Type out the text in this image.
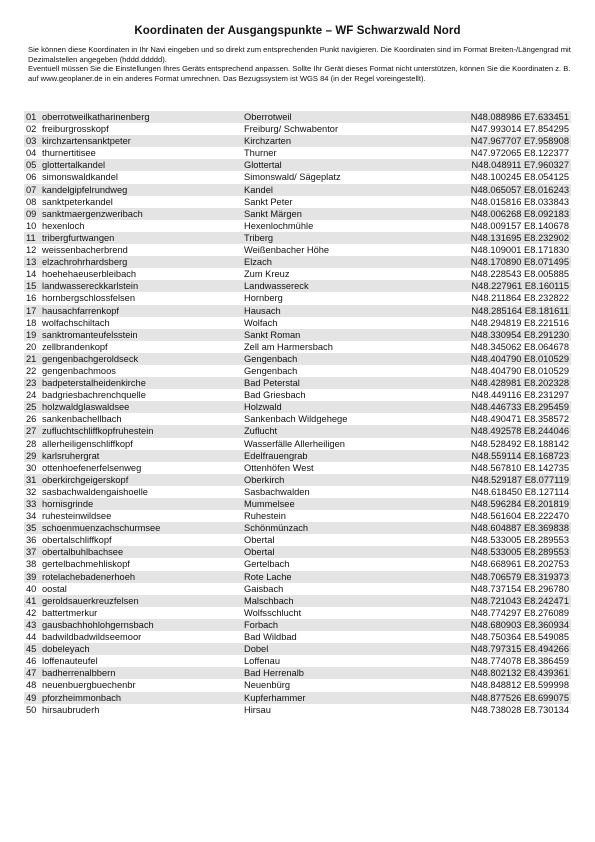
Koordinaten der Ausgangspunkte – WF Schwarzwald Nord

Sie können diese Koordinaten in Ihr Navi eingeben und so direkt zum entsprechenden Punkt navigieren. Die Koordinaten sind im Format Breiten-/Längengrad mit Dezimalstellen angegeben (hddd.ddddd).

Eventuell müssen Sie die Einstellungen Ihres Geräts entsprechend anpassen. Sollte Ihr Gerät dieses Format nicht unterstützen, können Sie die Koordinaten z. B. auf www.geoplaner.de in ein anderes Format umrechnen. Das Bezugssystem ist WGS 84 (in der Regel voreingestellt).

01	oberrotweilkatharinenberg	Oberrotweil	N48.088986 E7.633451
02	freiburgrosskopf	Freiburg/ Schwabentor	N47.993014 E7.854295
03	kirchzartensanktpeter	Kirchzarten	N47.967707 E7.958908
04	thurnertitisee	Thurner	N47.972065 E8.122377
05	glottertalkandel	Glottertal	N48.048911 E7.960327
06	simonswaldkandel	Simonswald/ Sägeplatz	N48.100245 E8.054125
07	kandelgipfelrundweg	Kandel	N48.065057 E8.016243
08	sanktpeterkandel	Sankt Peter	N48.015816 E8.033843
09	sanktmaergenzweribach	Sankt Märgen	N48.006268 E8.092183
10	hexenloch	Hexenlochmühle	N48.009157 E8.140678
11	tribergfurtwangen	Triberg	N48.131695 E8.232902
12	weissenbacherbrend	Weißenbacher Höhe	N48.109001 E8.171830
13	elzachrohrhardsberg	Elzach	N48.170890 E8.071495
14	hoehehaeuserbleibach	Zum Kreuz	N48.228543 E8.005885
15	landwassereckkarlstein	Landwassereck	N48.227961 E8.160115
16	hornbergschlossfelsen	Hornberg	N48.211864 E8.232822
17	hausachfarrenkopf	Hausach	N48.285164 E8.181611
18	wolfachschiltach	Wolfach	N48.294819 E8.221516
19	sanktromanteufelsstein	Sankt Roman	N48.330954 E8.291230
20	zellbrandenkopf	Zell am Harmersbach	N48.345062 E8.064678
21	gengenbachgeroldseck	Gengenbach	N48.404790 E8.010529
22	gengenbachmoos	Gengenbach	N48.404790 E8.010529
23	badpeterstalheidenkirche	Bad Peterstal	N48.428981 E8.202328
24	badgriesbachrenchquelle	Bad Griesbach	N48.449116 E8.231297
25	holzwaldglaswaldsee	Holzwald	N48.446733 E8.295459
26	sankenbachellbach	Sankenbach Wildgehege	N48.490471 E8.358572
27	zufluchtschliffkopfruhestein	Zuflucht	N48.492578 E8.244046
28	allerheiligenschliffkopf	Wasserfälle Allerheiligen	N48.528492 E8.188142
29	karlsruhergrat	Edelfrauengrab	N48.559114 E8.168723
30	ottenhoefenerfelsenweg	Ottenhöfen West	N48.567810 E8.142735
31	oberkirchgeigerskopf	Oberkirch	N48.529187 E8.077119
32	sasbachwaldengaishoelle	Sasbachwalden	N48.618450 E8.127114
33	hornisgrinde	Mummelsee	N48.596284 E8.201819
34	ruhesteinwildsee	Ruhestein	N48.561604 E8.222470
35	schoenmuenzachschurmsee	Schönmünzach	N48.604887 E8.369838
36	obertalschliffkopf	Obertal	N48.533005 E8.289553
37	obertalbuhlbachsee	Obertal	N48.533005 E8.289553
38	gertelbachmehliskopf	Gertelbach	N48.668961 E8.202753
39	rotelachebadenerhoeh	Rote Lache	N48.706579 E8.319373
40	oostal	Gaisbach	N48.737154 E8.296780
41	geroldsauerkreuzfelsen	Malschbach	N48.721043 E8.242471
42	battertmerkur	Wolfsschlucht	N48.774297 E8.276089
43	gausbachhohlohgernsbach	Forbach	N48.680903 E8.360934
44	badwildbadwildseemoor	Bad Wildbad	N48.750364 E8.549085
45	dobeleyach	Dobel	N48.797315 E8.494266
46	loffenauteufel	Loffenau	N48.774078 E8.386459
47	badherrenalbbern	Bad Herrenalb	N48.802132 E8.439361
48	neuenbuergbuechenbr	Neuenbürg	N48.848812 E8.599998
49	pforzheimmonbach	Kupferhammer	N48.877526 E8.699075
50	hirsaubruderh	Hirsau	N48.738028 E8.730134
